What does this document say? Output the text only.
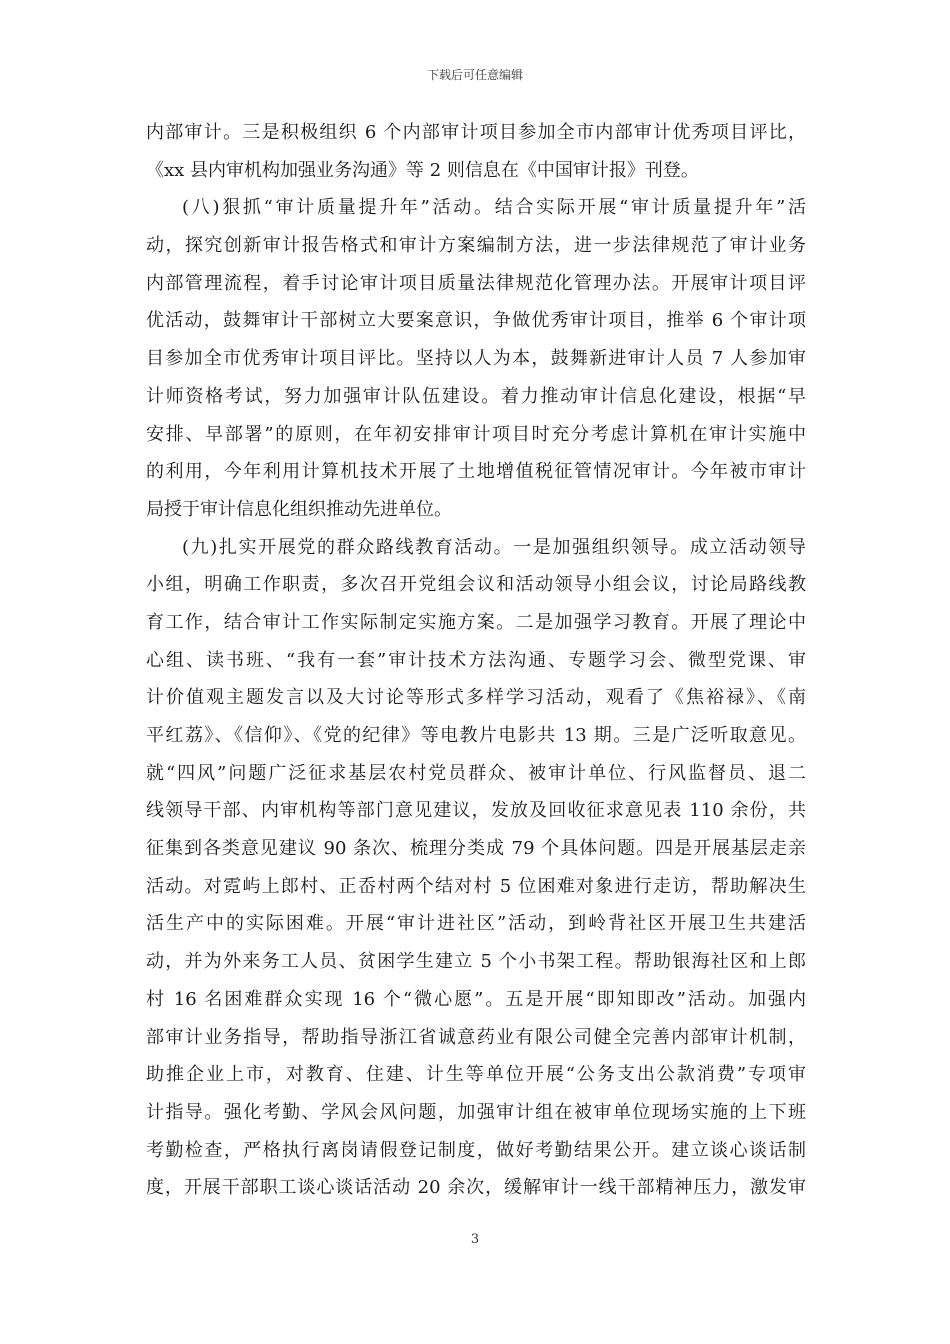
下载后可任意编辑
内部审计。三是积极组织 6 个内部审计项目参加全市内部审计优秀项目评比，
《xx 县内审机构加强业务沟通》等 2 则信息在《中国审计报》刊登。
(八)狠抓“审计质量提升年”活动。结合实际开展“审计质量提升年”活
动，探究创新审计报告格式和审计方案编制方法，进一步法律规范了审计业务
内部管理流程，着手讨论审计项目质量法律规范化管理办法。开展审计项目评
优活动，鼓舞审计干部树立大要案意识，争做优秀审计项目，推举 6 个审计项
目参加全市优秀审计项目评比。坚持以人为本，鼓舞新进审计人员 7 人参加审
计师资格考试，努力加强审计队伍建设。着力推动审计信息化建设，根据“早
安排、早部署”的原则，在年初安排审计项目时充分考虑计算机在审计实施中
的利用，今年利用计算机技术开展了土地增值税征管情况审计。今年被市审计
局授于审计信息化组织推动先进单位。
(九)扎实开展党的群众路线教育活动。一是加强组织领导。成立活动领导
小组，明确工作职责，多次召开党组会议和活动领导小组会议，讨论局路线教
育工作，结合审计工作实际制定实施方案。二是加强学习教育。开展了理论中
心组、读书班、“我有一套”审计技术方法沟通、专题学习会、微型党课、审
计价值观主题发言以及大讨论等形式多样学习活动，观看了《焦裕禄》、《南
平红荔》、《信仰》、《党的纪律》等电教片电影共 13 期。三是广泛听取意见。
就“四风”问题广泛征求基层农村党员群众、被审计单位、行风监督员、退二
线领导干部、内审机构等部门意见建议，发放及回收征求意见表 110 余份，共
征集到各类意见建议 90 条次、梳理分类成 79 个具体问题。四是开展基层走亲
活动。对霓屿上郎村、正岙村两个结对村 5 位困难对象进行走访，帮助解决生
活生产中的实际困难。开展“审计进社区”活动，到岭背社区开展卫生共建活
动，并为外来务工人员、贫困学生建立 5 个小书架工程。帮助银海社区和上郎
村 16 名困难群众实现 16 个“微心愿”。五是开展“即知即改”活动。加强内
部审计业务指导，帮助指导浙江省诚意药业有限公司健全完善内部审计机制，
助推企业上市，对教育、住建、计生等单位开展“公务支出公款消费”专项审
计指导。强化考勤、学风会风问题，加强审计组在被审单位现场实施的上下班
考勤检查，严格执行离岗请假登记制度，做好考勤结果公开。建立谈心谈话制
度，开展干部职工谈心谈话活动 20 余次，缓解审计一线干部精神压力，激发审
3
